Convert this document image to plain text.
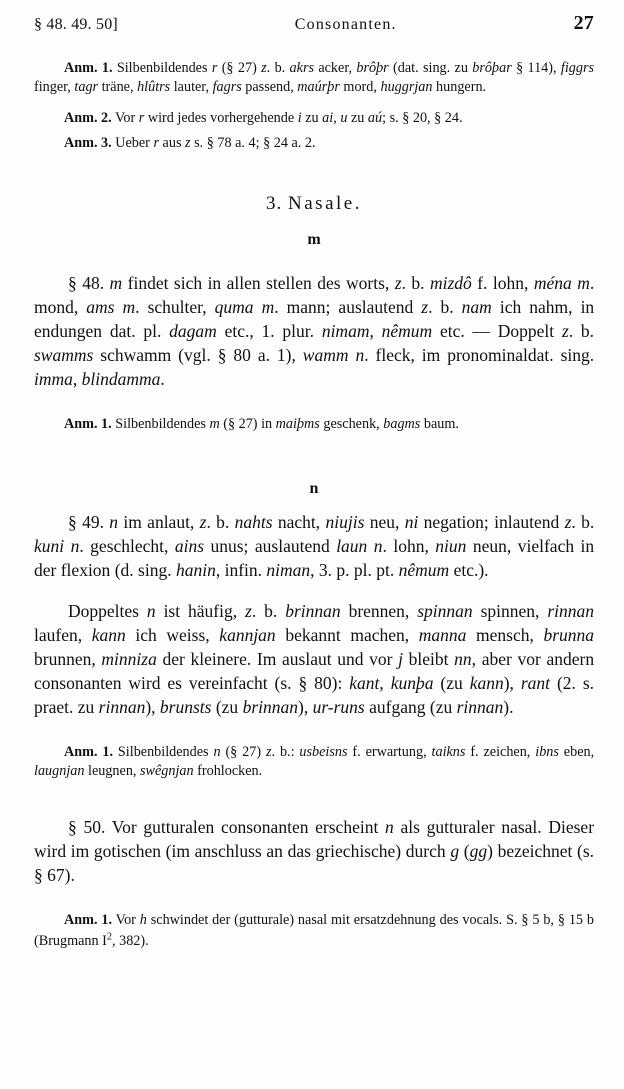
§ 48. 49. 50]	Consonanten.	27

Anm. 1. Silbenbildendes r (§ 27) z. b. akrs acker, brôþr (dat. sing. zu brôþar § 114), figgrs finger, tagr träne, hlûtrs lauter, fagrs passend, maúrþr mord, huggrjan hungern.

Anm. 2. Vor r wird jedes vorhergehende i zu ai, u zu aú; s. § 20, § 24.

Anm. 3. Ueber r aus z s. § 78 a. 4; § 24 a. 2.

3. Nasale.
m

§ 48. m findet sich in allen stellen des worts, z. b. mizdô f. lohn, ména m. mond, ams m. schulter, quma m. mann; auslautend z. b. nam ich nahm, in endungen dat. pl. dagam etc., 1. plur. nimam, nêmum etc. — Doppelt z. b. swamms schwamm (vgl. § 80 a. 1), wamm n. fleck, im pronominaldat. sing. imma, blindamma.

Anm. 1. Silbenbildendes m (§ 27) in maiþms geschenk, bagms baum.

n

§ 49. n im anlaut, z. b. nahts nacht, niujis neu, ni negation; inlautend z. b. kuni n. geschlecht, ains unus; auslautend laun n. lohn, niun neun, vielfach in der flexion (d. sing. hanin, infin. niman, 3. p. pl. pt. nêmum etc.).

Doppeltes n ist häufig, z. b. brinnan brennen, spinnan spinnen, rinnan laufen, kann ich weiss, kannjan bekannt machen, manna mensch, brunna brunnen, minniza der kleinere. Im auslaut und vor j bleibt nn, aber vor andern consonanten wird es vereinfacht (s. § 80): kant, kunþa (zu kann), rant (2. s. praet. zu rinnan), brunsts (zu brinnan), ur-runs aufgang (zu rinnan).

Anm. 1. Silbenbildendes n (§ 27) z. b.: usbeisns f. erwartung, taikns f. zeichen, ibns eben, laugnjan leugnen, swêgnjan frohlocken.

§ 50. Vor gutturalen consonanten erscheint n als gutturaler nasal. Dieser wird im gotischen (im anschluss an das griechische) durch g (gg) bezeichnet (s. § 67).

Anm. 1. Vor h schwindet der (gutturale) nasal mit ersatzdehnung des vocals. S. § 5 b, § 15 b (Brugmann $I^2$, 382).
